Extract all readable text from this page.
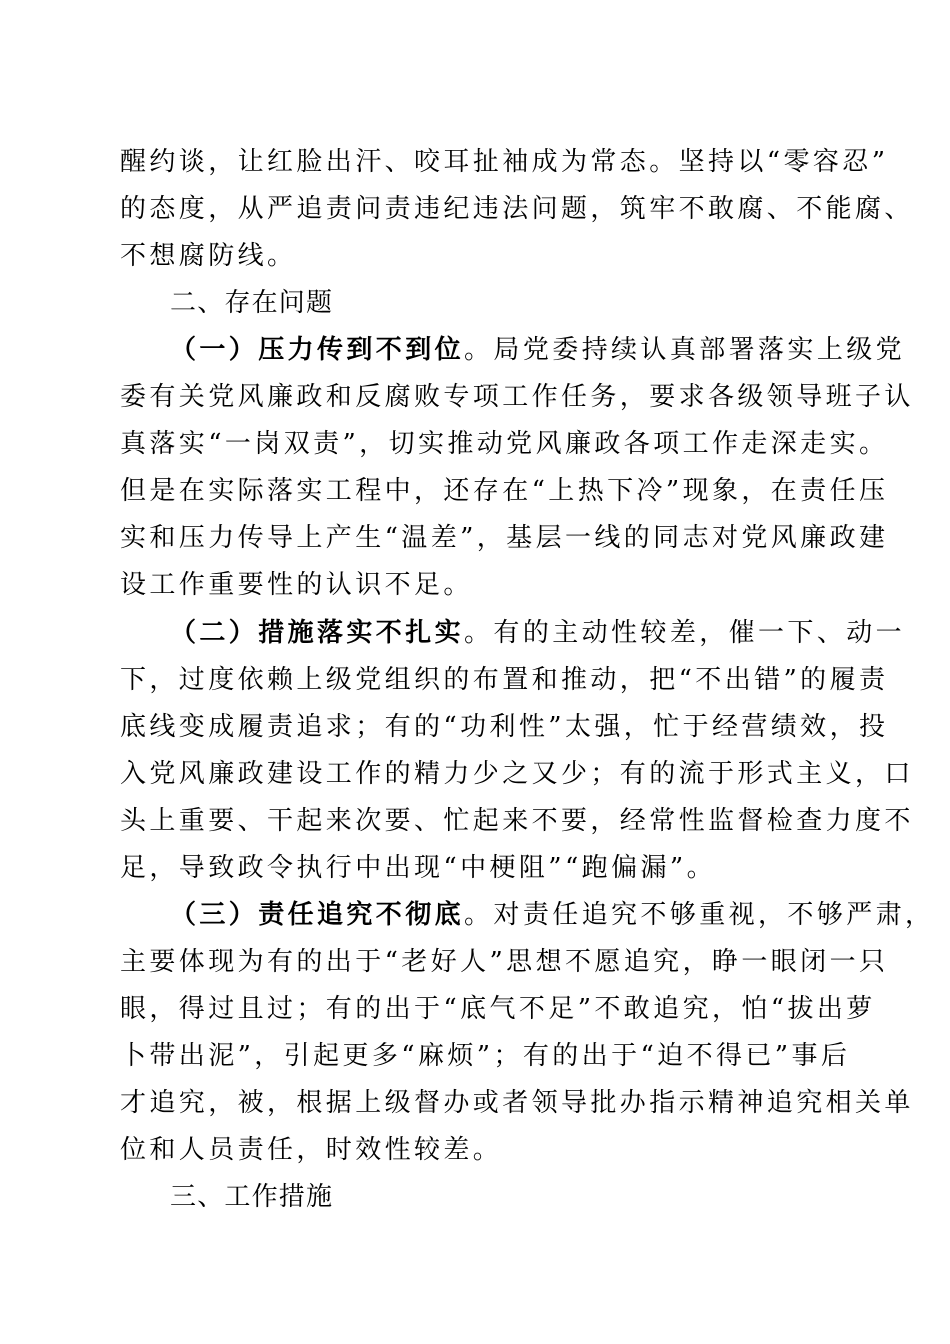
醒约谈，让红脸出汗、咬耳扯袖成为常态。坚持以“零容忍”
的态度，从严追责问责违纪违法问题，筑牢不敢腐、不能腐、
不想腐防线。
二、存在问题
（一）压力传到不到位。局党委持续认真部署落实上级党
委有关党风廉政和反腐败专项工作任务，要求各级领导班子认
真落实“一岗双责”，切实推动党风廉政各项工作走深走实。
但是在实际落实工程中，还存在“上热下冷”现象，在责任压
实和压力传导上产生“温差”，基层一线的同志对党风廉政建
设工作重要性的认识不足。
（二）措施落实不扎实。有的主动性较差，催一下、动一
下，过度依赖上级党组织的布置和推动，把“不出错”的履责
底线变成履责追求；有的“功利性”太强，忙于经营绩效，投
入党风廉政建设工作的精力少之又少；有的流于形式主义，口
头上重要、干起来次要、忙起来不要，经常性监督检查力度不
足，导致政令执行中出现“中梗阻”“跑偏漏”。
（三）责任追究不彻底。对责任追究不够重视，不够严肃，
主要体现为有的出于“老好人”思想不愿追究，睁一眼闭一只
眼，得过且过；有的出于“底气不足”不敢追究，怕“拔出萝
卜带出泥”，引起更多“麻烦”；有的出于“迫不得已”事后
才追究，被，根据上级督办或者领导批办指示精神追究相关单
位和人员责任，时效性较差。
三、工作措施
